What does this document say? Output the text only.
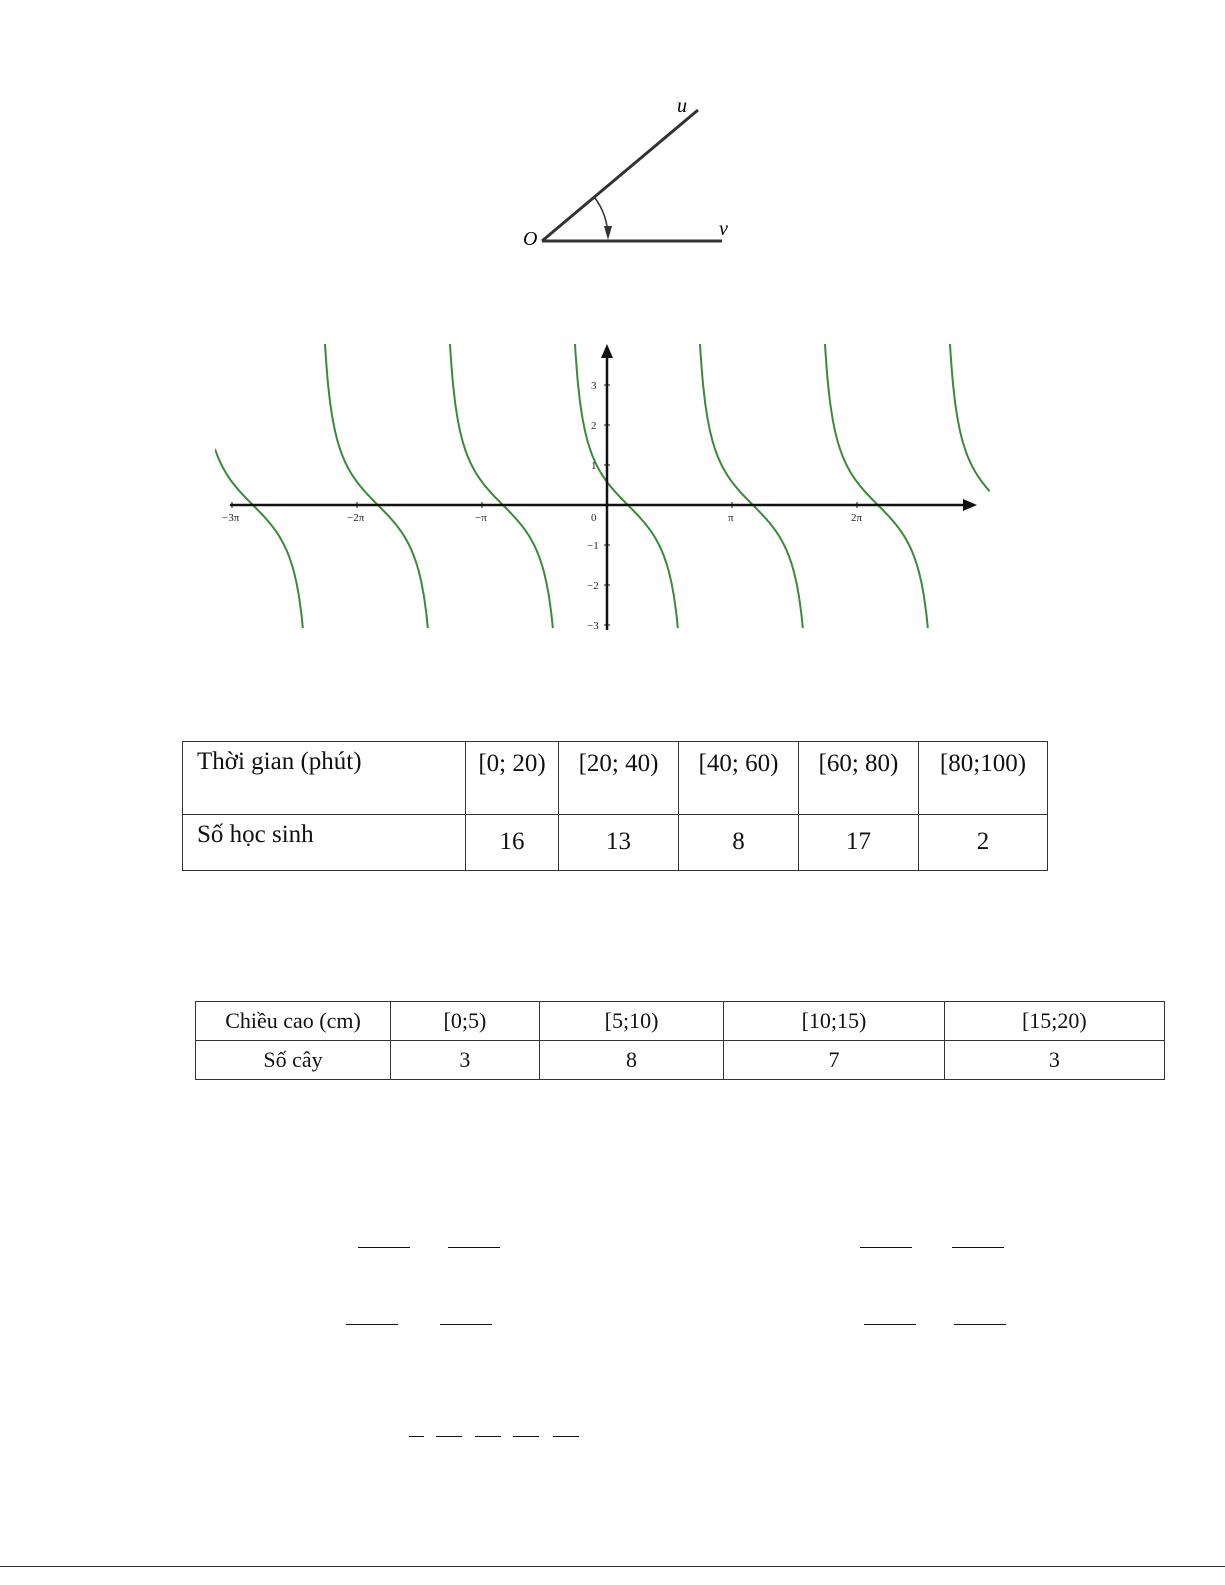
O
u
v
−3π	−2π	−π	0	π	2π
3
2
1
−1
−2
−3
Thời gian (phút)	[0; 20)	[20; 40)	[40; 60)	[60; 80)	[80;100)
Số học sinh	16	13	8	17	2
Chiều cao (cm)	[0;5)	[5;10)	[10;15)	[15;20)
Số cây	3	8	7	3
